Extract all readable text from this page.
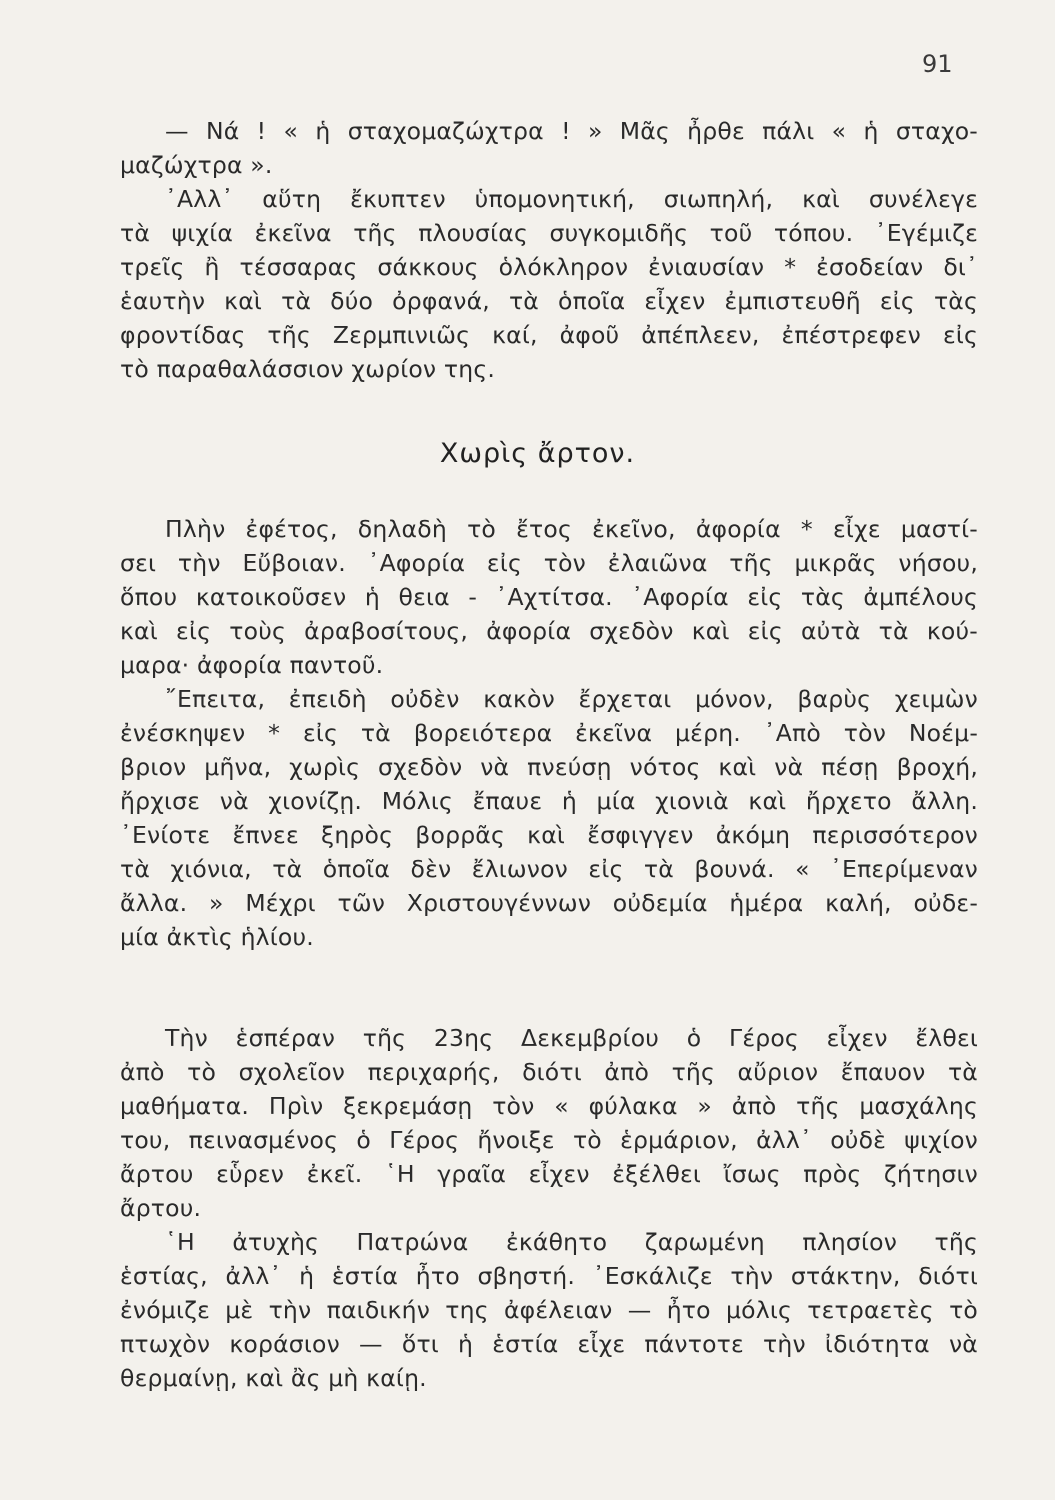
91
— Νά ! « ἡ σταχομαζώχτρα ! » Μᾶς ἦρθε πάλι « ἡ σταχο-
μαζώχτρα ».
᾿Αλλ᾿ αὕτη ἔκυπτεν ὑπομονητική, σιωπηλή, καὶ συνέλεγε
τὰ ψιχία ἐκεῖνα τῆς πλουσίας συγκομιδῆς τοῦ τόπου. ᾿Εγέμιζε
τρεῖς ἢ τέσσαρας σάκκους ὁλόκληρον ἐνιαυσίαν * ἐσοδείαν δι᾿
ἑαυτὴν καὶ τὰ δύο ὀρφανά, τὰ ὁποῖα εἶχεν ἐμπιστευθῆ εἰς τὰς
φροντίδας τῆς Ζερμπινιῶς καί, ἀφοῦ ἀπέπλεεν, ἐπέστρεφεν εἰς
τὸ παραθαλάσσιον χωρίον της.
Χωρὶς ἄρτον.
Πλὴν ἐφέτος, δηλαδὴ τὸ ἔτος ἐκεῖνο, ἀφορία * εἶχε μαστί-
σει τὴν Εὔβοιαν. ᾿Αφορία εἰς τὸν ἐλαιῶνα τῆς μικρᾶς νήσου,
ὅπου κατοικοῦσεν ἡ θεια - ᾿Αχτίτσα. ᾿Αφορία εἰς τὰς ἀμπέλους
καὶ εἰς τοὺς ἀραβοσίτους, ἀφορία σχεδὸν καὶ εἰς αὐτὰ τὰ κού-
μαρα· ἀφορία παντοῦ.
῎Επειτα, ἐπειδὴ οὐδὲν κακὸν ἔρχεται μόνον, βαρὺς χειμὼν
ἐνέσκηψεν * εἰς τὰ βορειότερα ἐκεῖνα μέρη. ᾿Απὸ τὸν Νοέμ-
βριον μῆνα, χωρὶς σχεδὸν νὰ πνεύσῃ νότος καὶ νὰ πέσῃ βροχή,
ἤρχισε νὰ χιονίζῃ. Μόλις ἔπαυε ἡ μία χιονιὰ καὶ ἤρχετο ἄλλη.
᾿Ενίοτε ἔπνεε ξηρὸς βορρᾶς καὶ ἔσφιγγεν ἀκόμη περισσότερον
τὰ χιόνια, τὰ ὁποῖα δὲν ἔλιωνον εἰς τὰ βουνά. « ᾿Επερίμεναν
ἄλλα. » Μέχρι τῶν Χριστουγέννων οὐδεμία ἡμέρα καλή, οὐδε-
μία ἀκτὶς ἡλίου.
Τὴν ἑσπέραν τῆς 23ης Δεκεμβρίου ὁ Γέρος εἶχεν ἔλθει
ἀπὸ τὸ σχολεῖον περιχαρής, διότι ἀπὸ τῆς αὔριον ἔπαυον τὰ
μαθήματα. Πρὶν ξεκρεμάσῃ τὸν « φύλακα » ἀπὸ τῆς μασχάλης
του, πεινασμένος ὁ Γέρος ἤνοιξε τὸ ἑρμάριον, ἀλλ᾿ οὐδὲ ψιχίον
ἄρτου εὗρεν ἐκεῖ. ῾Η γραῖα εἶχεν ἐξέλθει ἴσως πρὸς ζήτησιν
ἄρτου.
῾Η ἀτυχὴς Πατρώνα ἐκάθητο ζαρωμένη πλησίον τῆς
ἑστίας, ἀλλ᾿ ἡ ἑστία ἦτο σβηστή. ᾿Εσκάλιζε τὴν στάκτην, διότι
ἐνόμιζε μὲ τὴν παιδικήν της ἀφέλειαν — ἦτο μόλις τετραετὲς τὸ
πτωχὸν κοράσιον — ὅτι ἡ ἑστία εἶχε πάντοτε τὴν ἰδιότητα νὰ
θερμαίνῃ, καὶ ἂς μὴ καίῃ.
